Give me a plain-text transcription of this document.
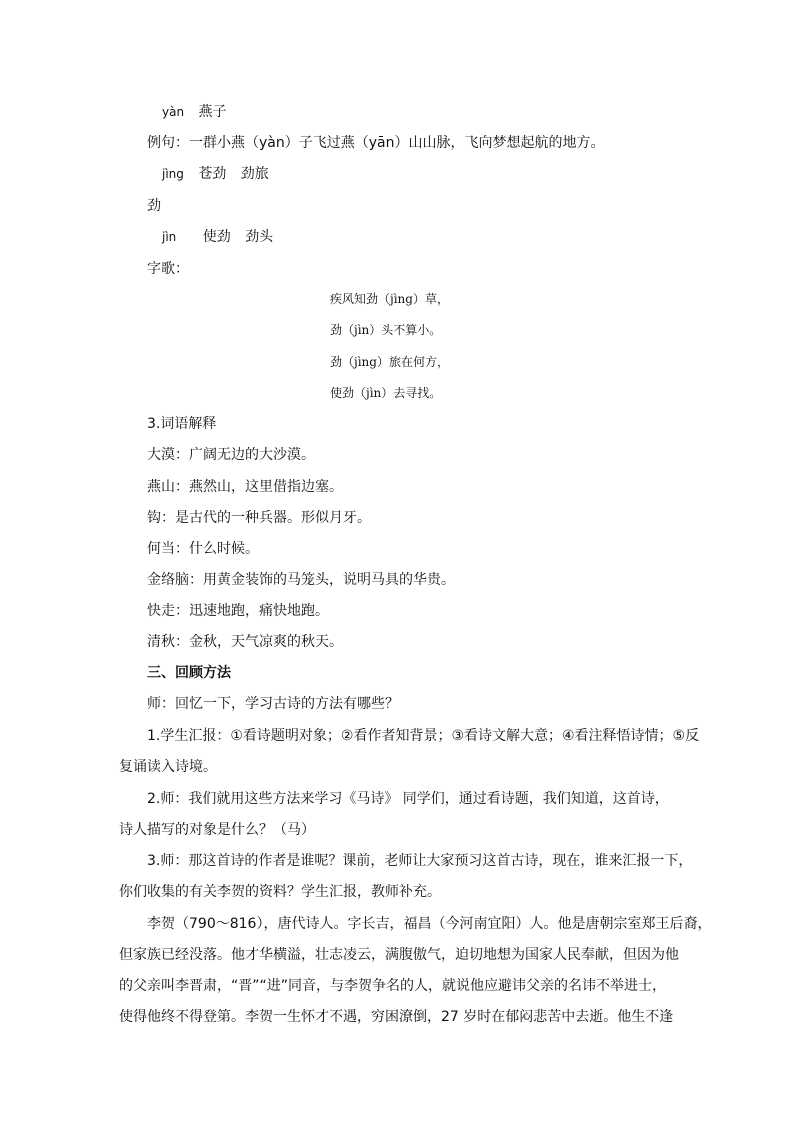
yàn 燕子
例句：一群小燕（yàn）子飞过燕（yān）山山脉，飞向梦想起航的地方。
jìng 苍劲 劲旅
劲
jìn 使劲 劲头
字歌：
疾风知劲（jìng）草，
劲（jìn）头不算小。
劲（jìng）旅在何方，
使劲（jìn）去寻找。
3.词语解释
大漠：广阔无边的大沙漠。
燕山：燕然山，这里借指边塞。
钩：是古代的一种兵器。形似月牙。
何当：什么时候。
金络脑：用黄金装饰的马笼头，说明马具的华贵。
快走：迅速地跑，痛快地跑。
清秋：金秋，天气凉爽的秋天。
三、回顾方法
师：回忆一下，学习古诗的方法有哪些？
1.学生汇报：①看诗题明对象；②看作者知背景；③看诗文解大意；④看注释悟诗情；⑤反
复诵读入诗境。
2.师：我们就用这些方法来学习《马诗》 同学们，通过看诗题，我们知道，这首诗，
诗人描写的对象是什么？（马）
3.师：那这首诗的作者是谁呢？课前，老师让大家预习这首古诗，现在，谁来汇报一下，
你们收集的有关李贺的资料？学生汇报，教师补充。
李贺（790～816），唐代诗人。字长吉，福昌（今河南宜阳）人。他是唐朝宗室郑王后裔，
但家族已经没落。他才华横溢，壮志凌云，满腹傲气，迫切地想为国家人民奉献，但因为他
的父亲叫李晋肃，“晋”“进”同音，与李贺争名的人，就说他应避讳父亲的名讳不举进士，
使得他终不得登第。李贺一生怀才不遇，穷困潦倒，27 岁时在郁闷悲苦中去逝。他生不逢
